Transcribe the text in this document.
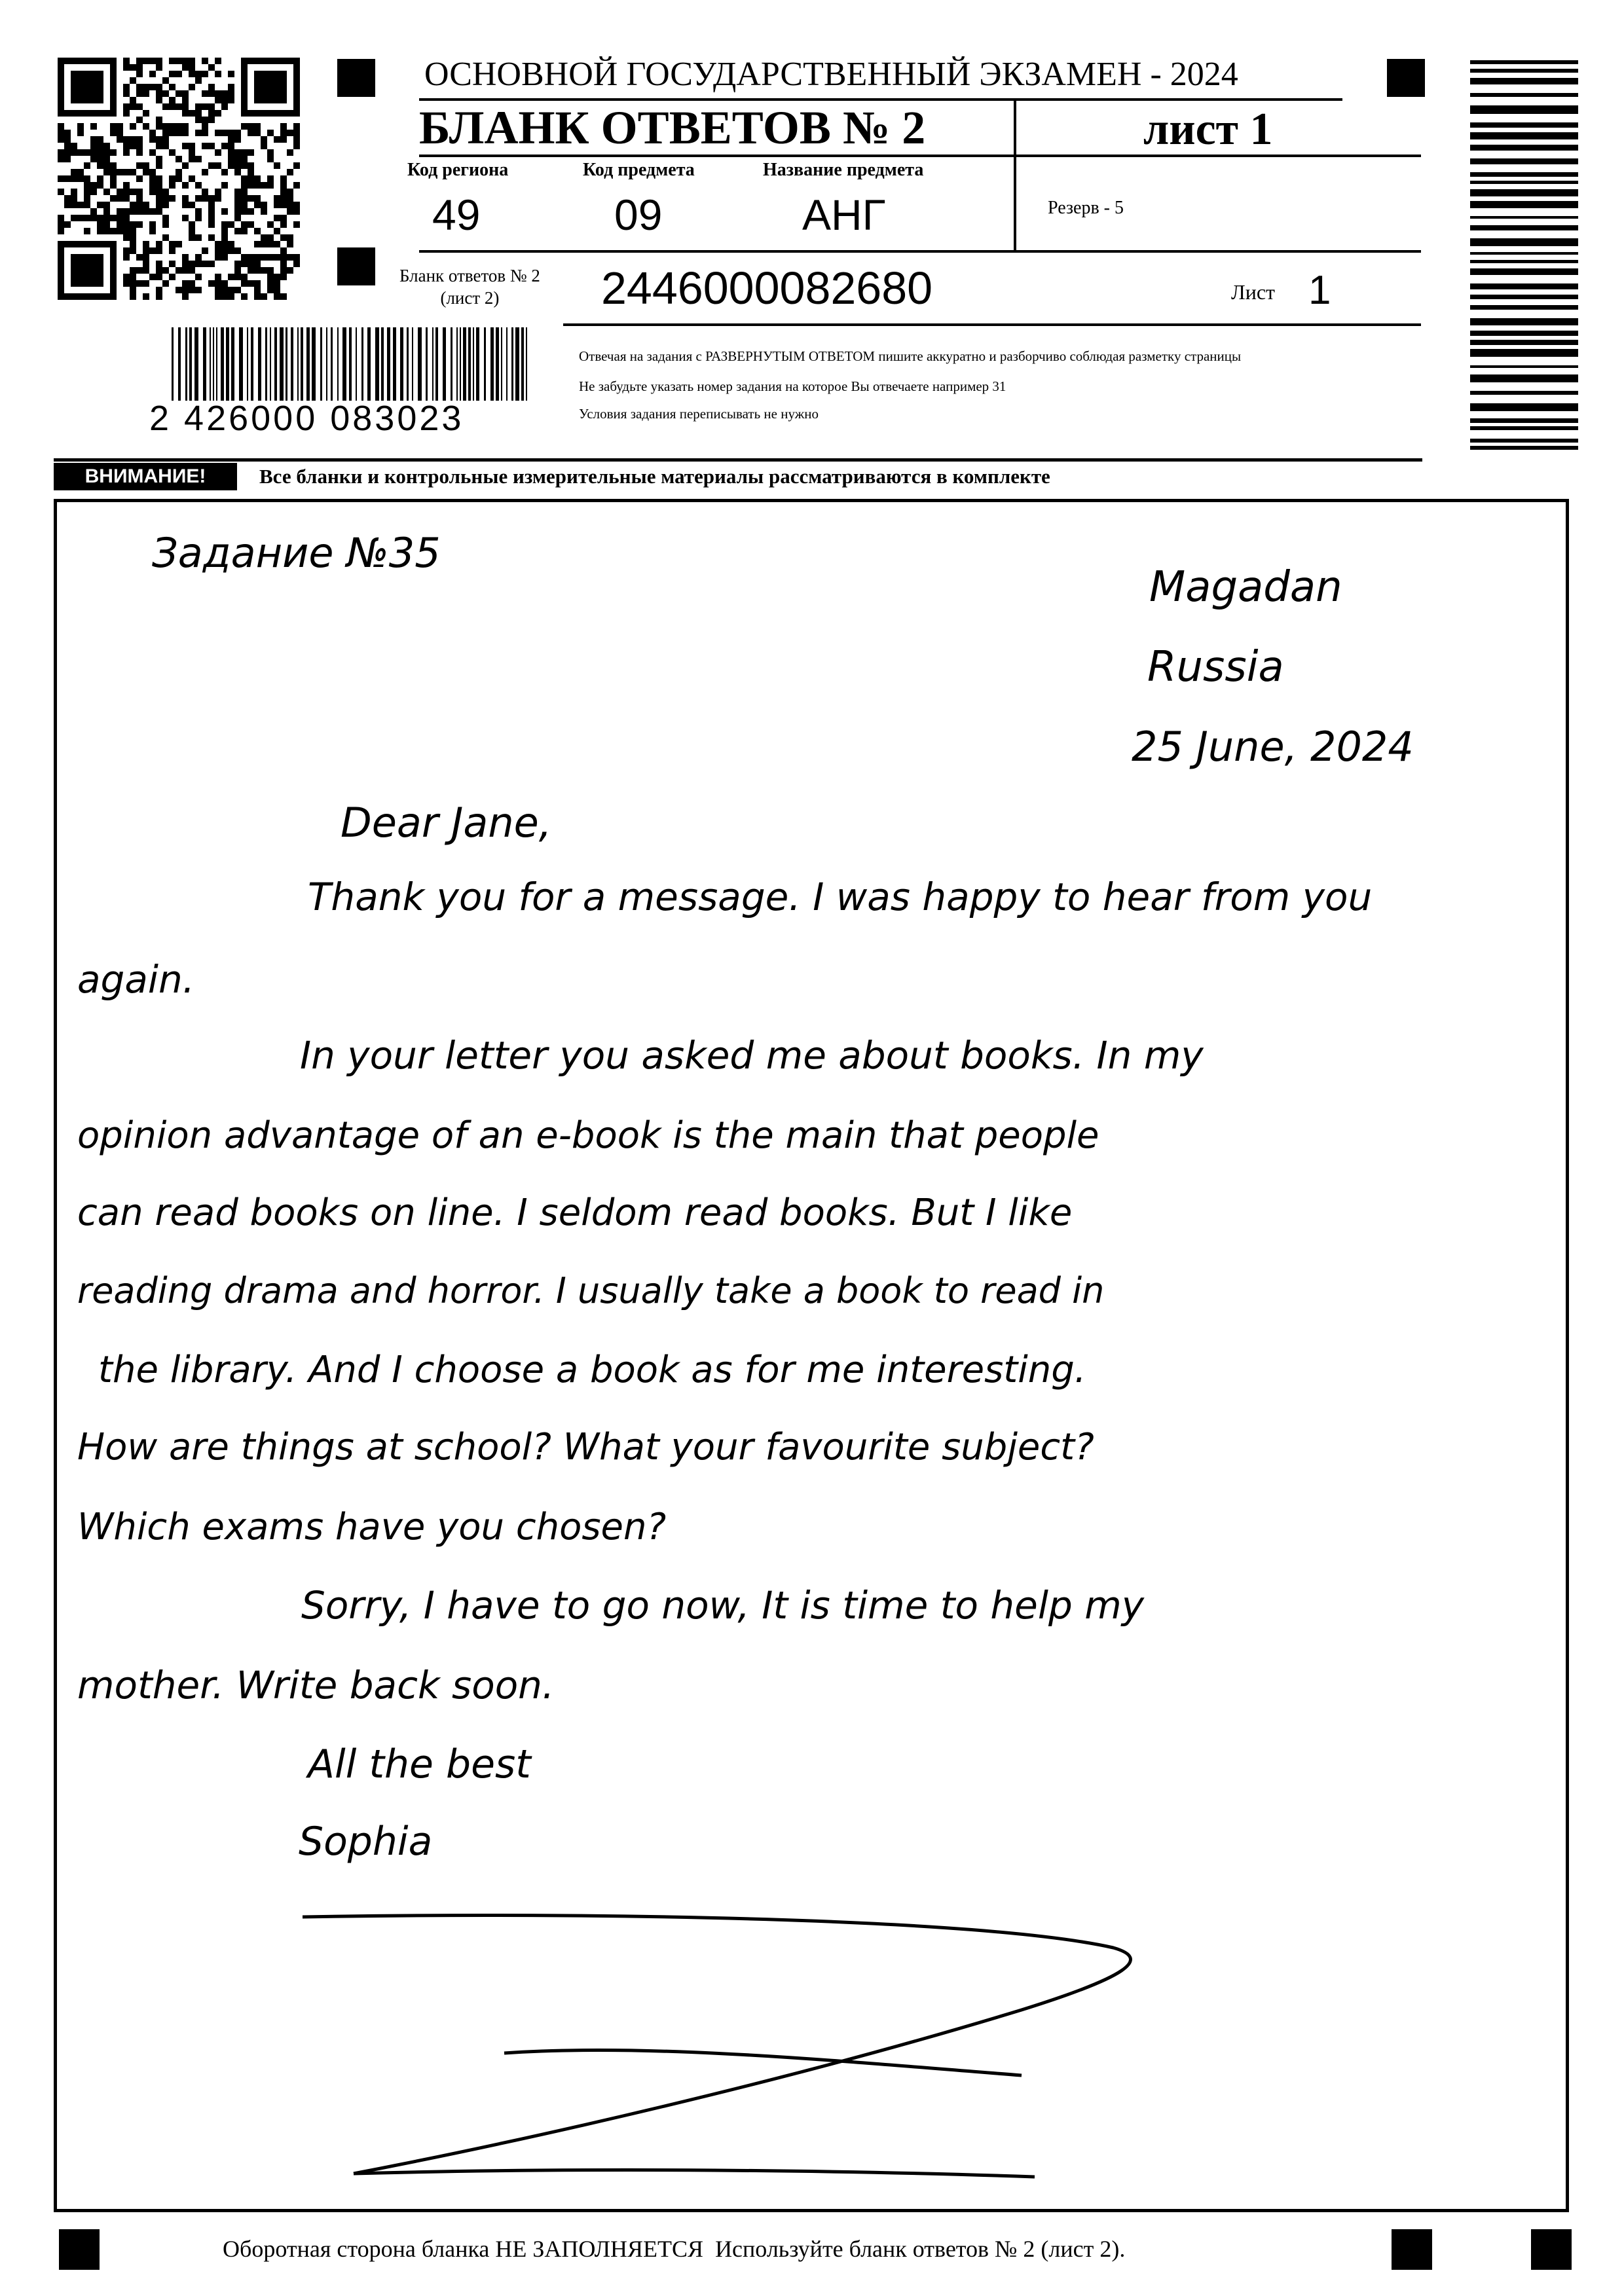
ОСНОВНОЙ ГОСУДАРСТВЕННЫЙ ЭКЗАМЕН - 2024
БЛАНК ОТВЕТОВ № 2	лист 1
Код региона
49
Код предмета
09
Название предмета
АНГ	Резерв - 5
Бланк ответов № 2
(лист 2)	2446000082680	Лист 1
2 426000 083023
Отвечая на задания с РАЗВЕРНУТЫМ ОТВЕТОМ пишите аккуратно и разборчиво соблюдая разметку страницы
Не забудьте указать номер задания на которое Вы отвечаете например 31
Условия задания переписывать не нужно
ВНИМАНИЕ!	Все бланки и контрольные измерительные материалы рассматриваются в комплекте
Задание №35
Magadan
Russia
25 June, 2024
Dear Jane,
Thank you for a message. I was happy to hear from you
again.
In your letter you asked me about books. In my
opinion advantage of an e-book is the main that people
can read books on line. I seldom read books. But I like
reading drama and horror. I usually take a book to read in
the library. And I choose a book as for me interesting.
How are things at school? What your favourite subject?
Which exams have you chosen?
Sorry, I have to go now, It is time to help my
mother. Write back soon.
All the best
Sophia
Оборотная сторона бланка НЕ ЗАПОЛНЯЕТСЯ  Используйте бланк ответов № 2 (лист 2).
